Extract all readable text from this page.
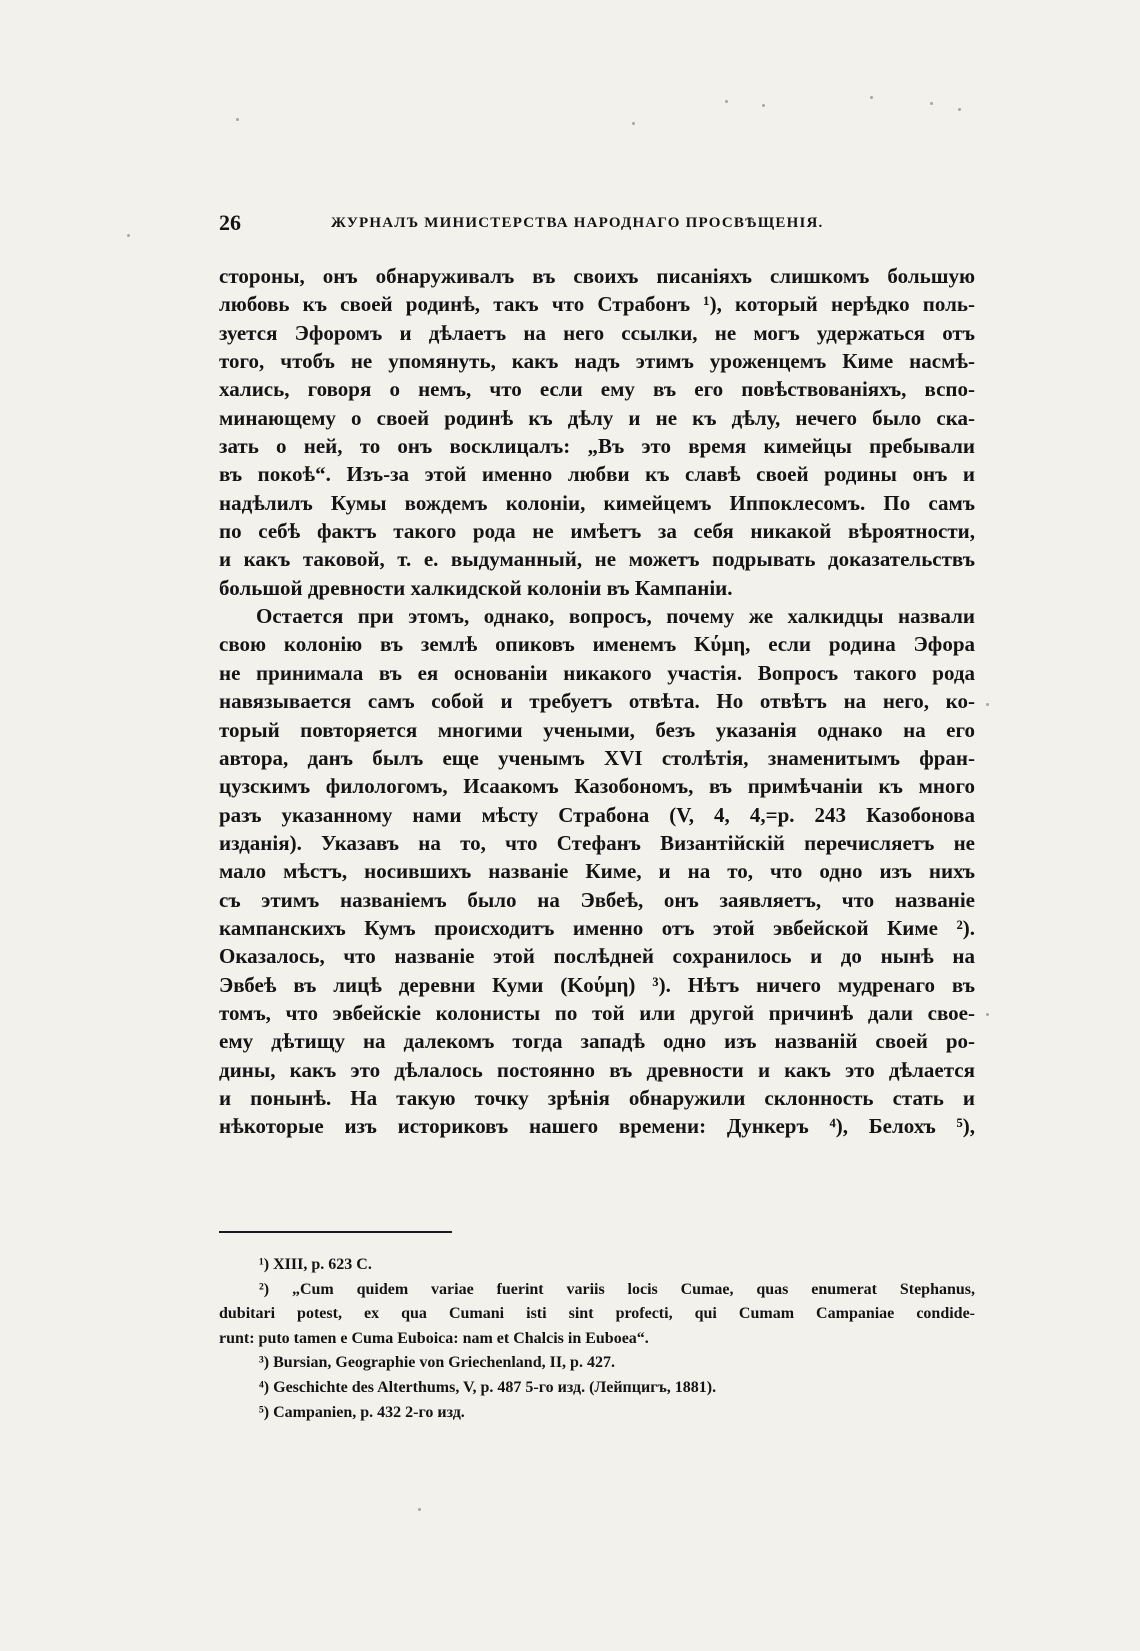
26	ЖУРНАЛЪ МИНИСТЕРСТВА НАРОДНАГО ПРОСВѢЩЕНІЯ.
стороны, онъ обнаруживалъ въ своихъ писаніяхъ слишкомъ большую
любовь къ своей родинѣ, такъ что Страбонъ ¹), который нерѣдко поль-
зуется Эфоромъ и дѣлаетъ на него ссылки, не могъ удержаться отъ
того, чтобъ не упомянуть, какъ надъ этимъ уроженцемъ Киме насмѣ-
хались, говоря о немъ, что если ему въ его повѣствованіяхъ, вспо-
минающему о своей родинѣ къ дѣлу и не къ дѣлу, нечего было ска-
зать о ней, то онъ восклицалъ: „Въ это время кимейцы пребывали
въ покоѣ“. Изъ-за этой именно любви къ славѣ своей родины онъ и
надѣлилъ Кумы вождемъ колоніи, кимейцемъ Иппоклесомъ. По самъ
по себѣ фактъ такого рода не имѣетъ за себя никакой вѣроятности,
и какъ таковой, т. е. выдуманный, не можетъ подрывать доказательствъ
большой древности халкидской колоніи въ Кампаніи.
Остается при этомъ, однако, вопросъ, почему же халкидцы назвали
свою колонію въ землѣ опиковъ именемъ Κύμη, если родина Эфора
не принимала въ ея основаніи никакого участія. Вопросъ такого рода
навязывается самъ собой и требуетъ отвѣта. Но отвѣтъ на него, ко-
торый повторяется многими учеными, безъ указанія однако на его
автора, данъ былъ еще ученымъ XVI столѣтія, знаменитымъ фран-
цузскимъ филологомъ, Исаакомъ Казобономъ, въ примѣчаніи къ много
разъ указанному нами мѣсту Страбона (V, 4, 4,=p. 243 Казобонова
изданія). Указавъ на то, что Стефанъ Византійскій перечисляетъ не
мало мѣстъ, носившихъ названіе Киме, и на то, что одно изъ нихъ
съ этимъ названіемъ было на Эвбеѣ, онъ заявляетъ, что названіе
кампанскихъ Кумъ происходитъ именно отъ этой эвбейской Киме ²).
Оказалось, что названіе этой послѣдней сохранилось и до нынѣ на
Эвбеѣ въ лицѣ деревни Куми (Κούμη) ³). Нѣтъ ничего мудренаго въ
томъ, что эвбейскіе колонисты по той или другой причинѣ дали свое-
ему дѣтищу на далекомъ тогда западѣ одно изъ названій своей ро-
дины, какъ это дѣлалось постоянно въ древности и какъ это дѣлается
и понынѣ. На такую точку зрѣнія обнаружили склонность стать и
нѣкоторые изъ историковъ нашего времени: Дункеръ ⁴), Белохъ ⁵),
¹) XIII, p. 623 C.
²) „Cum quidem variae fuerint variis locis Cumae, quas enumerat Stephanus,
dubitari potest, ex qua Cumani isti sint profecti, qui Cumam Campaniae condide-
runt: puto tamen e Cuma Euboica: nam et Chalcis in Euboea“.
³) Bursian, Geographie von Griechenland, II, p. 427.
⁴) Geschichte des Alterthums, V, p. 487 5-го изд. (Лейпцигъ, 1881).
⁵) Campanien, p. 432 2-го изд.
